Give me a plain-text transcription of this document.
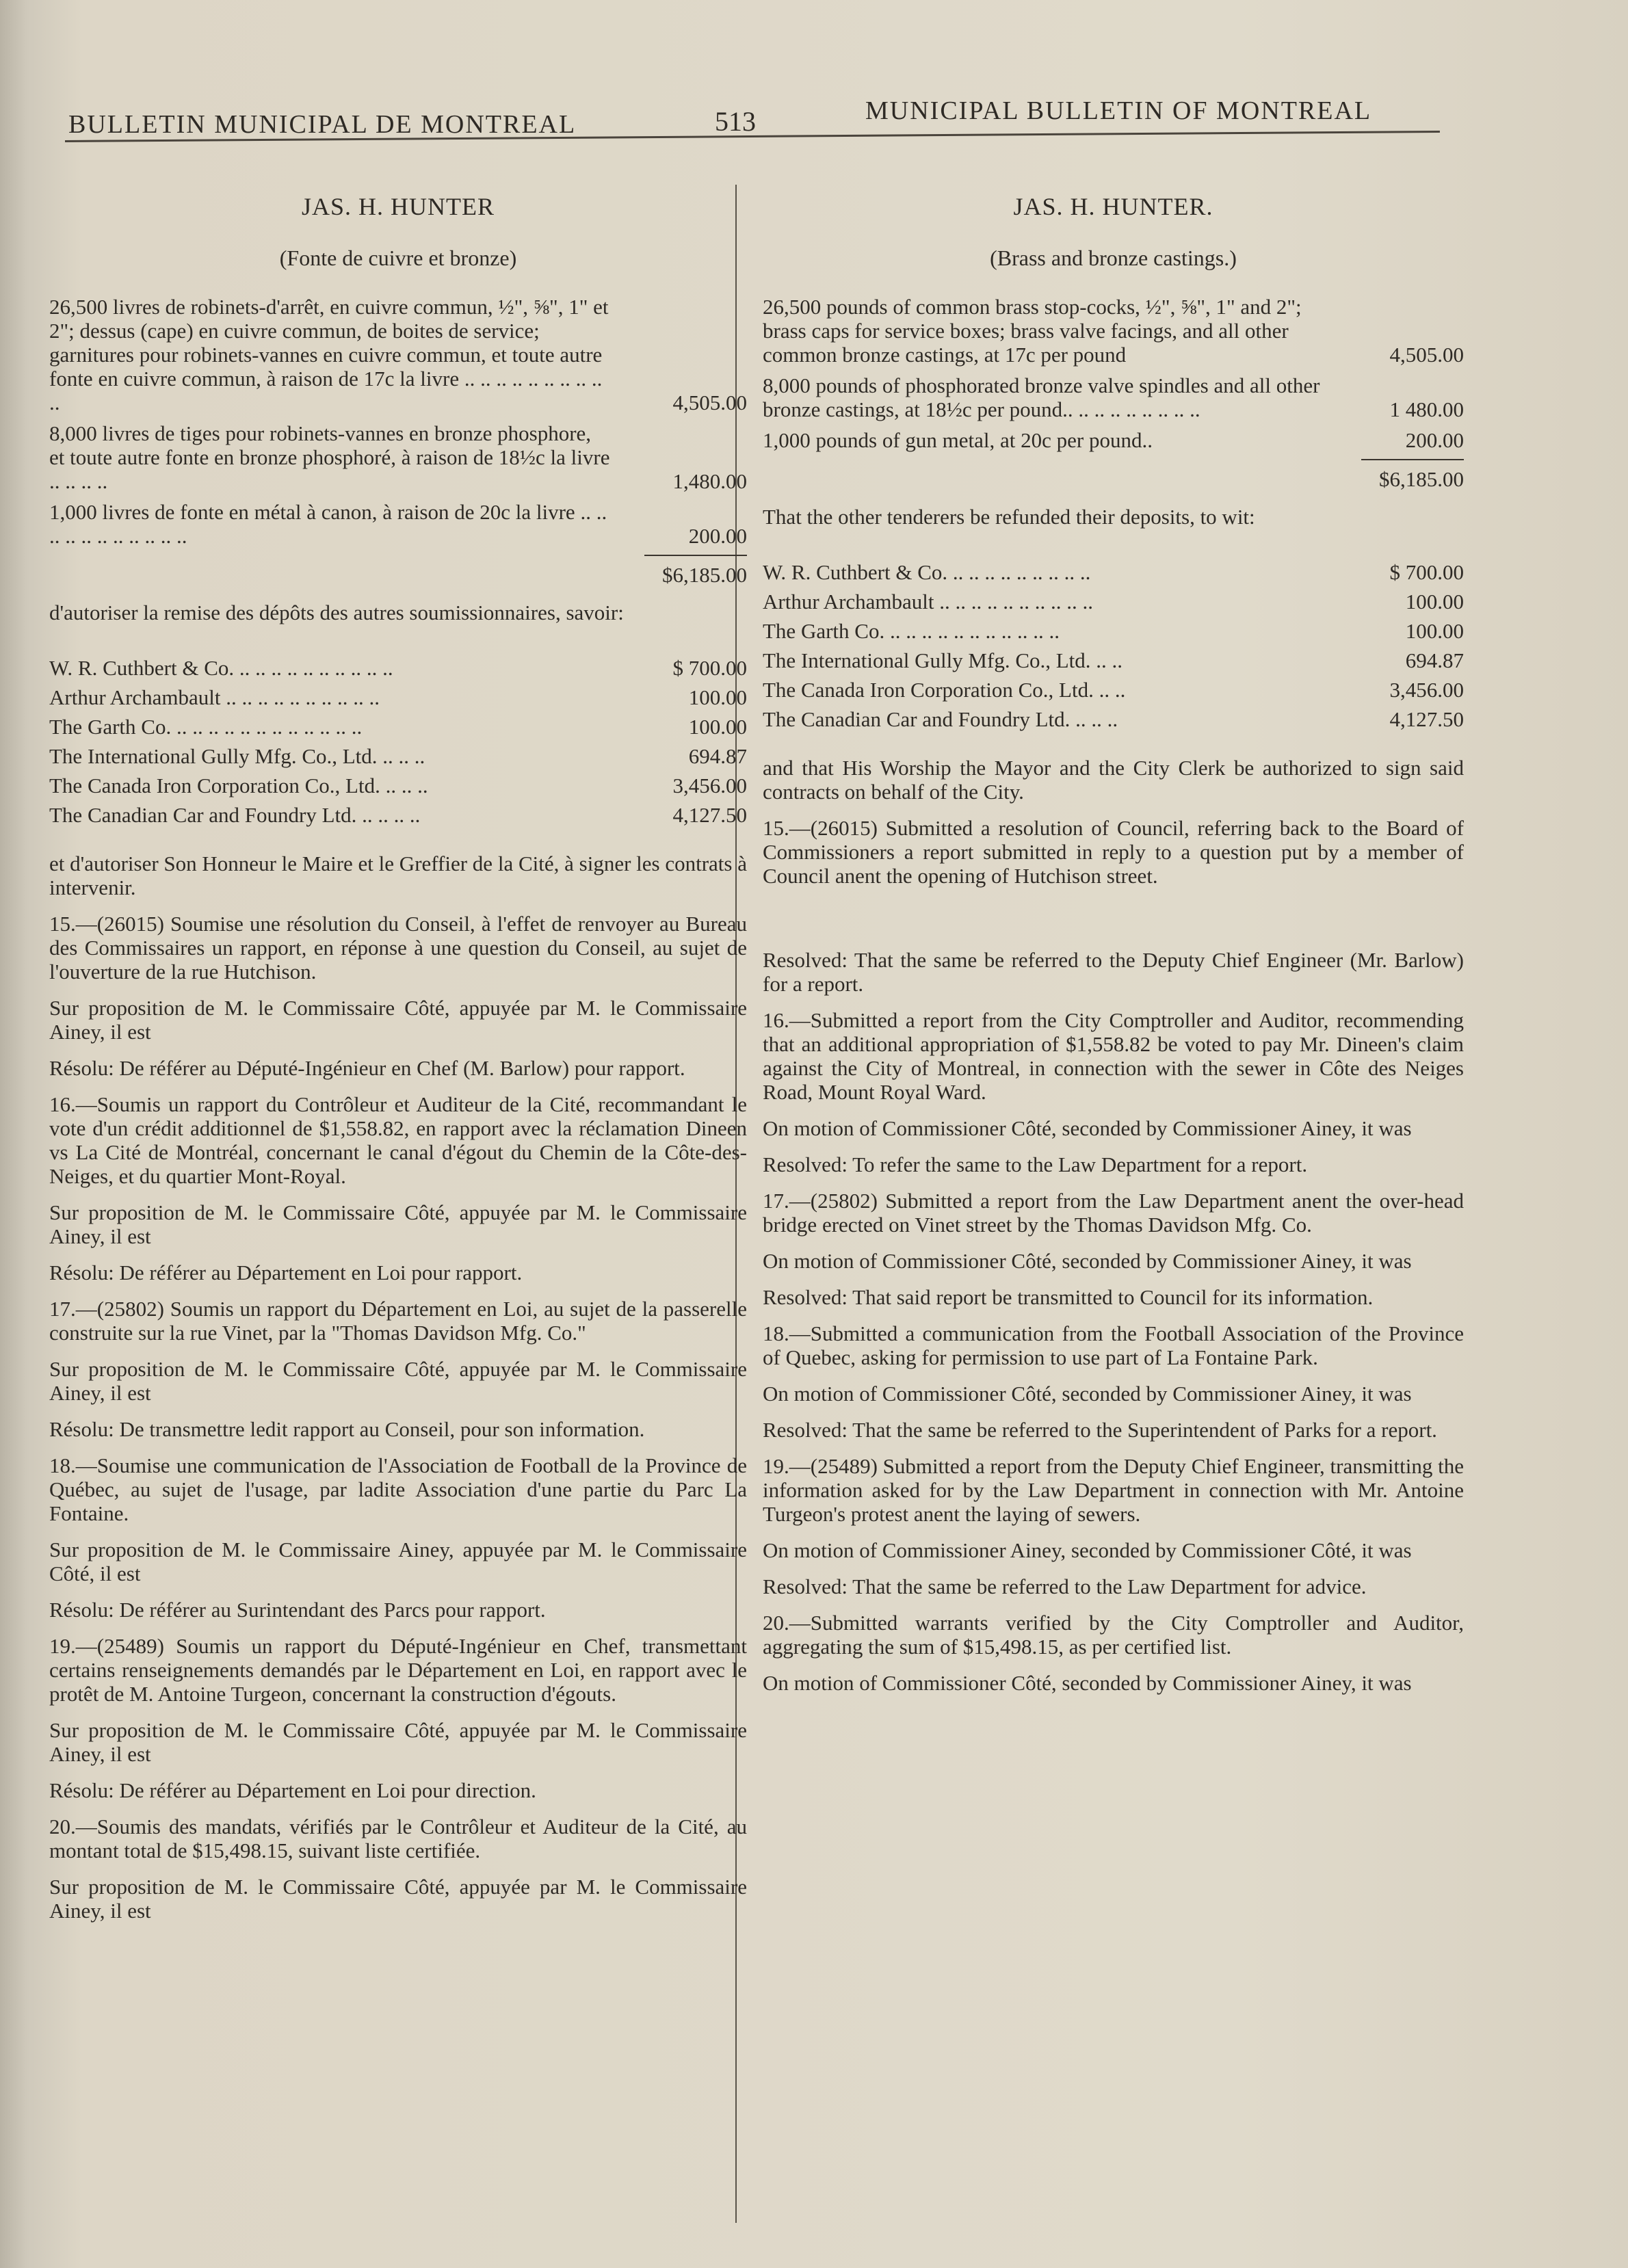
BULLETIN MUNICIPAL DE MONTREAL	513	MUNICIPAL BULLETIN OF MONTREAL
JAS. H. HUNTER
(Fonte de cuivre et bronze)
26,500 livres de robinets-d'arrêt, en cuivre commun, ½", ⅝", 1" et 2"; dessus (cape) en cuivre commun, de boites de service; garnitures pour robinets-vannes en cuivre commun, et toute autre fonte en cuivre commun, à raison de 17c la livre .. .. .. .. .. .. .. .. .. ..	4,505.00
8,000 livres de tiges pour robinets-vannes en bronze phosphore, et toute autre fonte en bronze phosphoré, à raison de 18½c la livre .. .. .. ..	1,480.00
1,000 livres de fonte en métal à canon, à raison de 20c la livre .. .. .. .. .. .. .. .. .. .. ..	200.00
$6,185.00
d'autoriser la remise des dépôts des autres soumissionnaires, savoir:
W. R. Cuthbert & Co. .. .. .. .. .. .. .. .. .. ..	$ 700.00
Arthur Archambault .. .. .. .. .. .. .. .. .. ..	100.00
The Garth Co. .. .. .. .. .. .. .. .. .. .. .. ..	100.00
The International Gully Mfg. Co., Ltd. .. .. ..	694.87
The Canada Iron Corporation Co., Ltd. .. .. ..	3,456.00
The Canadian Car and Foundry Ltd. .. .. .. ..	4,127.50
et d'autoriser Son Honneur le Maire et le Greffier de la Cité, à signer les contrats à intervenir.
15.—(26015) Soumise une résolution du Conseil, à l'effet de renvoyer au Bureau des Commissaires un rapport, en réponse à une question du Conseil, au sujet de l'ouverture de la rue Hutchison.
Sur proposition de M. le Commissaire Côté, appuyée par M. le Commissaire Ainey, il est
Résolu: De référer au Député-Ingénieur en Chef (M. Barlow) pour rapport.
16.—Soumis un rapport du Contrôleur et Auditeur de la Cité, recommandant le vote d'un crédit additionnel de $1,558.82, en rapport avec la réclamation Dineen vs La Cité de Montréal, concernant le canal d'égout du Chemin de la Côte-des-Neiges, et du quartier Mont-Royal.
Sur proposition de M. le Commissaire Côté, appuyée par M. le Commissaire Ainey, il est
Résolu: De référer au Département en Loi pour rapport.
17.—(25802) Soumis un rapport du Département en Loi, au sujet de la passerelle construite sur la rue Vinet, par la "Thomas Davidson Mfg. Co."
Sur proposition de M. le Commissaire Côté, appuyée par M. le Commissaire Ainey, il est
Résolu: De transmettre ledit rapport au Conseil, pour son information.
18.—Soumise une communication de l'Association de Football de la Province de Québec, au sujet de l'usage, par ladite Association d'une partie du Parc La Fontaine.
Sur proposition de M. le Commissaire Ainey, appuyée par M. le Commissaire Côté, il est
Résolu: De référer au Surintendant des Parcs pour rapport.
19.—(25489) Soumis un rapport du Député-Ingénieur en Chef, transmettant certains renseignements demandés par le Département en Loi, en rapport avec le protêt de M. Antoine Turgeon, concernant la construction d'égouts.
Sur proposition de M. le Commissaire Côté, appuyée par M. le Commissaire Ainey, il est
Résolu: De référer au Département en Loi pour direction.
20.—Soumis des mandats, vérifiés par le Contrôleur et Auditeur de la Cité, au montant total de $15,498.15, suivant liste certifiée.
Sur proposition de M. le Commissaire Côté, appuyée par M. le Commissaire Ainey, il est
JAS. H. HUNTER.
(Brass and bronze castings.)
26,500 pounds of common brass stop-cocks, ½", ⅝", 1" and 2"; brass caps for service boxes; brass valve facings, and all other common bronze castings, at 17c per pound	4,505.00
8,000 pounds of phosphorated bronze valve spindles and all other bronze castings, at 18½c per pound.. .. .. .. .. .. .. .. ..	1 480.00
1,000 pounds of gun metal, at 20c per pound..	200.00
$6,185.00
That the other tenderers be refunded their deposits, to wit:
W. R. Cuthbert & Co. .. .. .. .. .. .. .. .. ..	$ 700.00
Arthur Archambault .. .. .. .. .. .. .. .. .. ..	100.00
The Garth Co. .. .. .. .. .. .. .. .. .. .. ..	100.00
The International Gully Mfg. Co., Ltd. .. ..	694.87
The Canada Iron Corporation Co., Ltd. .. ..	3,456.00
The Canadian Car and Foundry Ltd. .. .. ..	4,127.50
and that His Worship the Mayor and the City Clerk be authorized to sign said contracts on behalf of the City.
15.—(26015) Submitted a resolution of Council, referring back to the Board of Commissioners a report submitted in reply to a question put by a member of Council anent the opening of Hutchison street.
Resolved: That the same be referred to the Deputy Chief Engineer (Mr. Barlow) for a report.
16.—Submitted a report from the City Comptroller and Auditor, recommending that an additional appropriation of $1,558.82 be voted to pay Mr. Dineen's claim against the City of Montreal, in connection with the sewer in Côte des Neiges Road, Mount Royal Ward.
On motion of Commissioner Côté, seconded by Commissioner Ainey, it was
Resolved: To refer the same to the Law Department for a report.
17.—(25802) Submitted a report from the Law Department anent the over-head bridge erected on Vinet street by the Thomas Davidson Mfg. Co.
On motion of Commissioner Côté, seconded by Commissioner Ainey, it was
Resolved: That said report be transmitted to Council for its information.
18.—Submitted a communication from the Football Association of the Province of Quebec, asking for permission to use part of La Fontaine Park.
On motion of Commissioner Côté, seconded by Commissioner Ainey, it was
Resolved: That the same be referred to the Superintendent of Parks for a report.
19.—(25489) Submitted a report from the Deputy Chief Engineer, transmitting the information asked for by the Law Department in connection with Mr. Antoine Turgeon's protest anent the laying of sewers.
On motion of Commissioner Ainey, seconded by Commissioner Côté, it was
Resolved: That the same be referred to the Law Department for advice.
20.—Submitted warrants verified by the City Comptroller and Auditor, aggregating the sum of $15,498.15, as per certified list.
On motion of Commissioner Côté, seconded by Commissioner Ainey, it was
